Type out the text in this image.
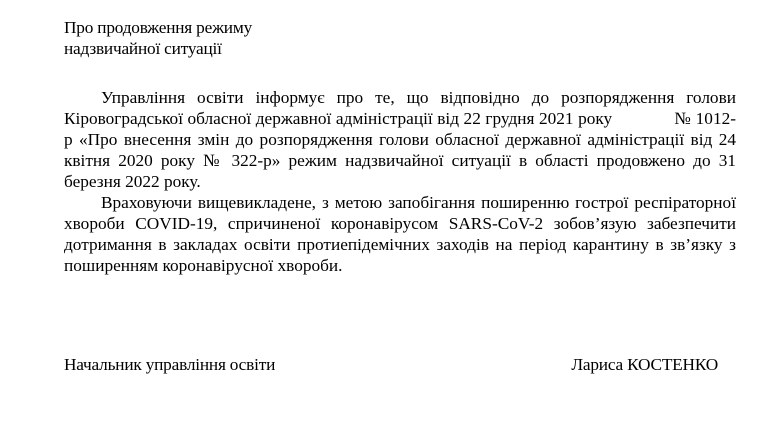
Про продовження режиму
надзвичайної ситуації

Управління освіти інформує про те, що відповідно до розпорядження голови Кіровоградської обласної державної адміністрації від 22 грудня 2021 року	№ 1012-р «Про внесення змін до розпорядження голови обласної державної адміністрації від 24 квітня 2020 року № 322-р» режим надзвичайної ситуації в області продовжено до 31 березня 2022 року.

Враховуючи вищевикладене, з метою запобігання поширенню гострої респіраторної хвороби COVID-19, спричиненої коронавірусом SARS-CoV-2 зобов’язую забезпечити дотримання в закладах освіти протиепідемічних заходів на період карантину в зв’язку з поширенням коронавірусної хвороби.

Начальник управління освіти	Лариса КОСТЕНКО
